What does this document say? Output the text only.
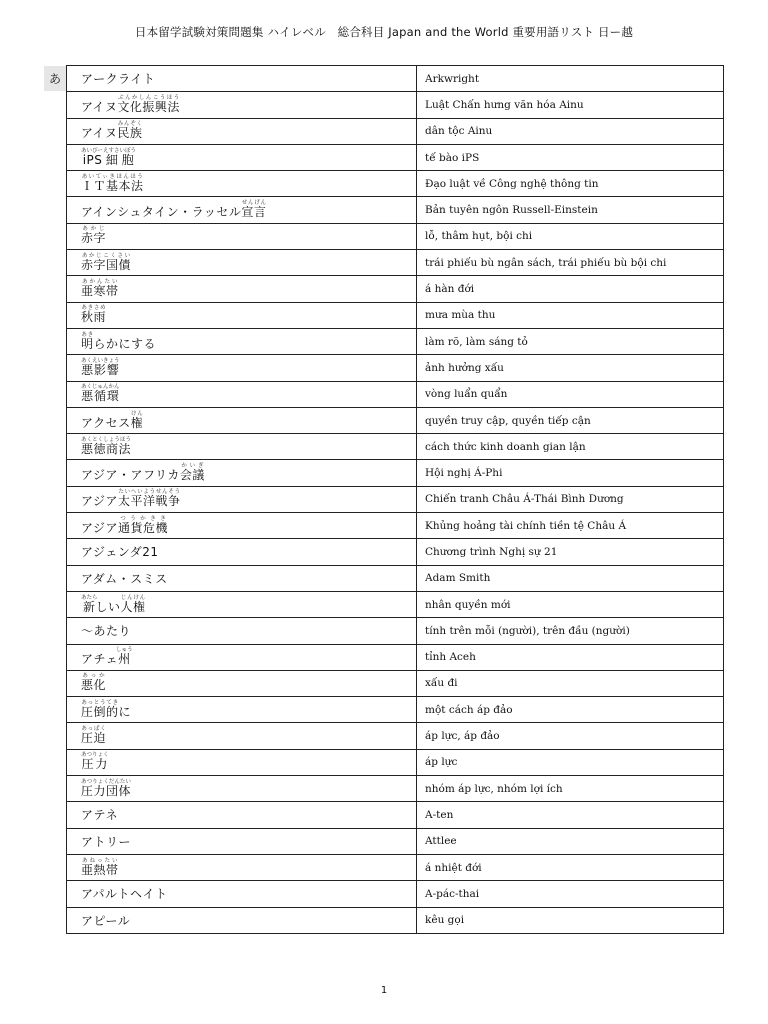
日本留学試験対策問題集 ハイレベル　総合科目 Japan and the World 重要用語リスト 日ー越
あ	アークライト	Arkwright
アイヌ文化振興法ぶんかしんこうほう	Luật Chấn hưng văn hóa Ainu
アイヌ民族みんぞく	dân tộc Ainu
iPS細胞あいぴーえすさいぼう	tế bào iPS
ＩＴ基本法あいてぃきほんほう	Đạo luật về Công nghệ thông tin
アインシュタイン・ラッセル宣言せんげん	Bản tuyên ngôn Russell-Einstein
赤字あかじ	lỗ, thâm hụt, bội chi
赤字国債あかじこくさい	trái phiếu bù ngân sách, trái phiếu bù bội chi
亜寒帯あかんたい	á hàn đới
秋雨あきさめ	mưa mùa thu
明あきらかにする	làm rõ, làm sáng tỏ
悪影響あくえいきょう	ảnh hưởng xấu
悪循環あくじゅんかん	vòng luẩn quẩn
アクセス権けん	quyền truy cập, quyền tiếp cận
悪徳商法あくとくしょうほう	cách thức kinh doanh gian lận
アジア・アフリカ会議かいぎ	Hội nghị Á-Phi
アジア太平洋戦争たいへいようせんそう	Chiến tranh Châu Á-Thái Bình Dương
アジア通貨危機つうかきき	Khủng hoảng tài chính tiền tệ Châu Á
アジェンダ21	Chương trình Nghị sự 21
アダム・スミス	Adam Smith
新あたらしい人権じんけん	nhân quyền mới
～あたり	tính trên mỗi (người), trên đầu (người)
アチェ州しゅう	tỉnh Aceh
悪化あっか	xấu đi
圧倒的あっとうてきに	một cách áp đảo
圧迫あっぱく	áp lực, áp đảo
圧力あつりょく	áp lực
圧力団体あつりょくだんたい	nhóm áp lực, nhóm lợi ích
アテネ	A-ten
アトリー	Attlee
亜熱帯あねったい	á nhiệt đới
アパルトヘイト	A-pác-thai
アピール	kêu gọi
1
